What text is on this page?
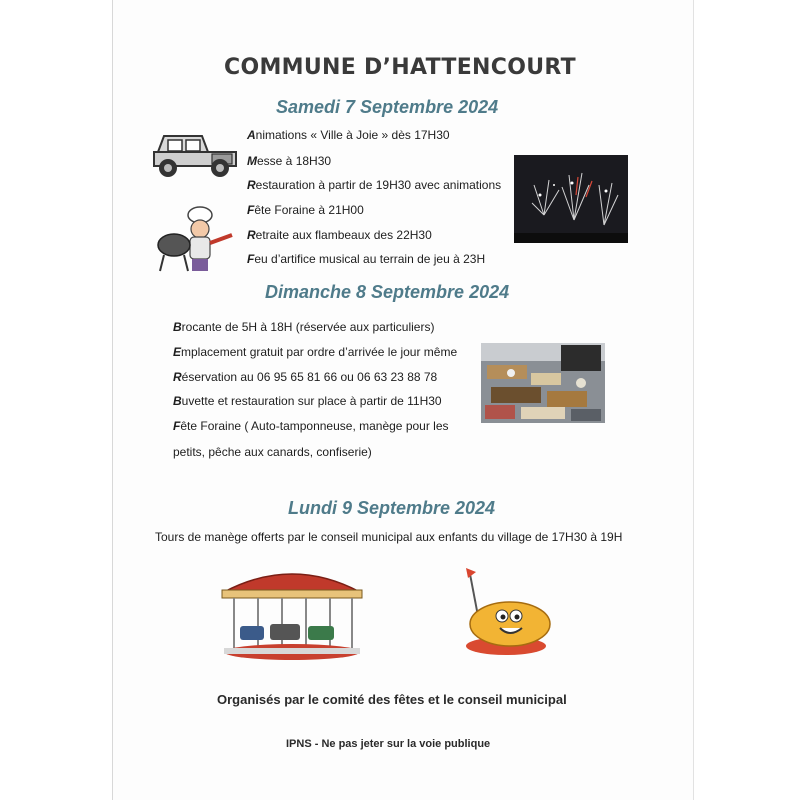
COMMUNE D’HATTENCOURT
Samedi 7 Septembre 2024
Animations « Ville à Joie » dès 17H30
Messe à 18H30
Restauration à partir de 19H30 avec animations
Fête Foraine à 21H00
Retraite aux flambeaux des 22H30
Feu d’artifice musical au terrain de jeu à 23H
Dimanche 8 Septembre 2024
Brocante de 5H à 18H (réservée aux particuliers)
Emplacement gratuit par ordre d’arrivée le jour même
Réservation au 06 95 65 81 66 ou 06 63 23 88 78
Buvette et restauration sur place à partir de 11H30
Fête Foraine ( Auto-tamponneuse, manège pour les
petits, pêche aux canards, confiserie)
Lundi 9 Septembre 2024
Tours de manège offerts par le conseil municipal aux enfants du village de 17H30 à 19H
Organisés par le comité des fêtes et le conseil municipal
IPNS - Ne pas jeter sur la voie publique
